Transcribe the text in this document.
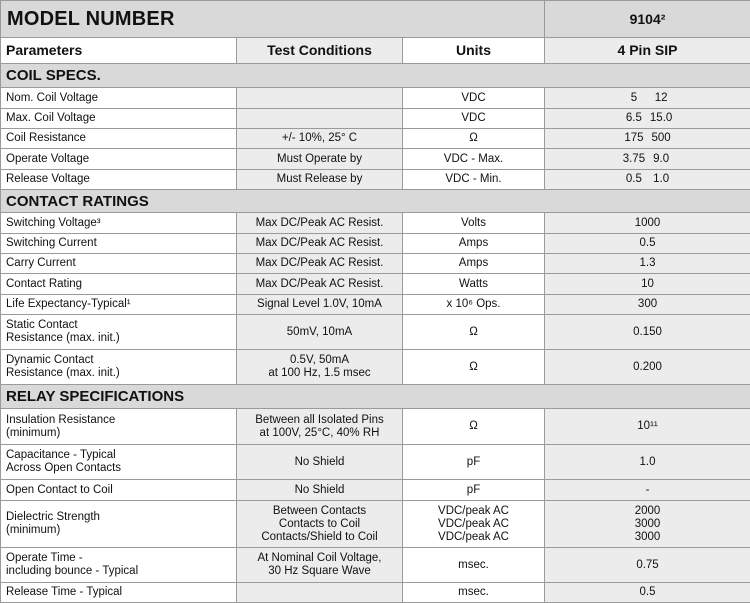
MODEL NUMBER			9104²
Parameters	Test Conditions	Units	4 Pin SIP
COIL SPECS.			
Nom. Coil Voltage		VDC	5 12
Max. Coil Voltage		VDC	6.5 15.0
Coil Resistance	+/- 10%, 25° C	Ω	175 500
Operate Voltage	Must Operate by	VDC - Max.	3.75 9.0
Release Voltage	Must Release by	VDC - Min.	0.5 1.0
CONTACT RATINGS			
Switching Voltage³	Max DC/Peak AC Resist.	Volts	1000
Switching Current	Max DC/Peak AC Resist.	Amps	0.5
Carry Current	Max DC/Peak AC Resist.	Amps	1.3
Contact Rating	Max DC/Peak AC Resist.	Watts	10
Life Expectancy-Typical¹	Signal Level 1.0V, 10mA	x 10⁶ Ops.	300

Static Contact
Resistance (max. init.)	50mV, 10mA	Ω	0.150

Dynamic Contact
Resistance (max. init.)	0.5V, 50mA
at 100 Hz, 1.5 msec	Ω	0.200
RELAY SPECIFICATIONS			

Insulation Resistance
(minimum)	Between all Isolated Pins
at 100V, 25°C, 40% RH	Ω	10¹¹

Capacitance - Typical
Across Open Contacts	No Shield	pF	1.0
Open Contact to Coil	No Shield	pF	-

Dielectric Strength
(minimum)	Between Contacts
Contacts to Coil
Contacts/Shield to Coil	VDC/peak AC
VDC/peak AC
VDC/peak AC	2000
3000
3000

Operate Time -
including bounce - Typical	At Nominal Coil Voltage,
30 Hz Square Wave	msec.	0.75
Release Time - Typical		msec.	0.5
